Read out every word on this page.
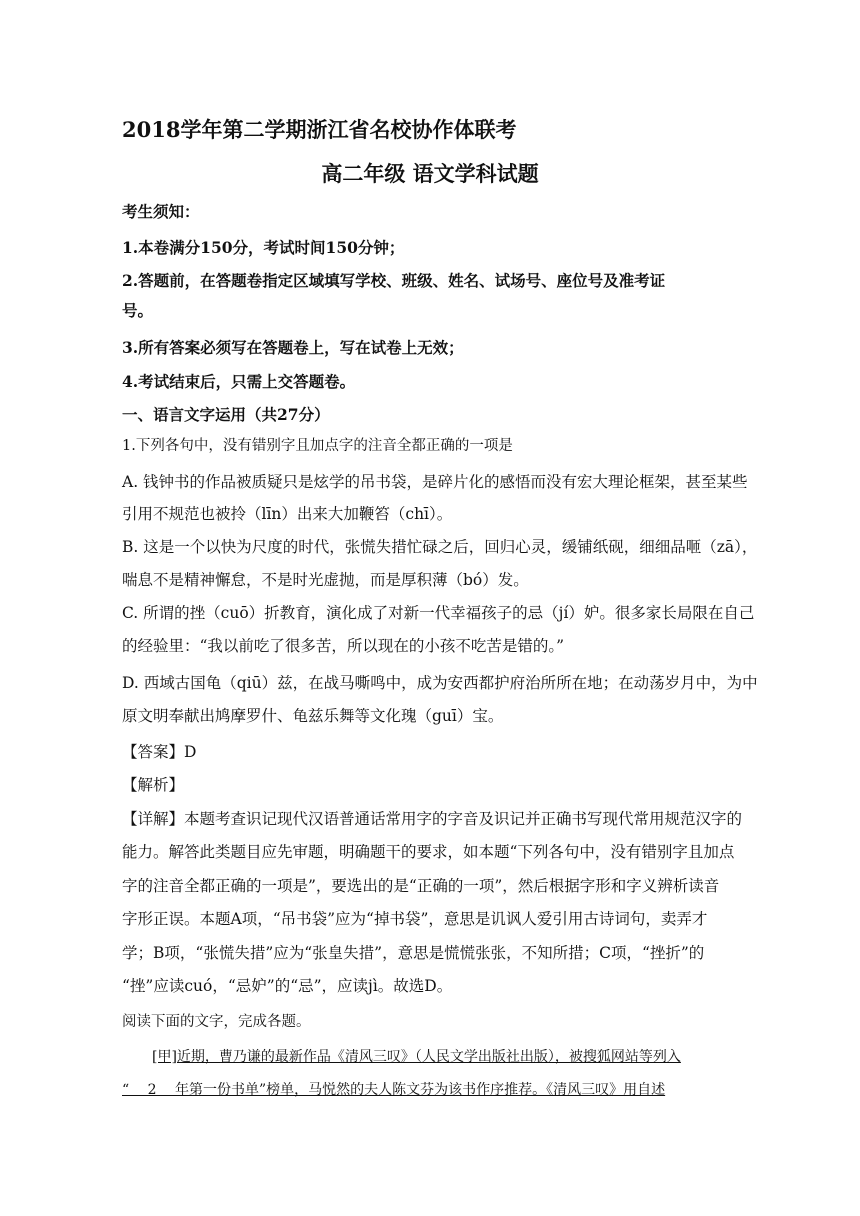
2018学年第二学期浙江省名校协作体联考
高二年级 语文学科试题
考生须知：
1.本卷满分150分，考试时间150分钟；
2.答题前，在答题卷指定区域填写学校、班级、姓名、试场号、座位号及准考证
号。
3.所有答案必须写在答题卷上，写在试卷上无效；
4.考试结束后，只需上交答题卷。
一、语言文字运用（共27分）
1.下列各句中，没有错别字且加点字的注音全都正确的一项是
A. 钱钟书的作品被质疑只是炫学的吊书袋，是碎片化的感悟而没有宏大理论框架，甚至某些
引用不规范也被拎（līn）出来大加鞭笞（chī）。
B. 这是一个以快为尺度的时代，张慌失措忙碌之后，回归心灵，缓铺纸砚，细细品咂（zā），
喘息不是精神懈怠，不是时光虚抛，而是厚积薄（bó）发。
C. 所谓的挫（cuō）折教育，演化成了对新一代幸福孩子的忌（jí）妒。很多家长局限在自己
的经验里：“我以前吃了很多苦，所以现在的小孩不吃苦是错的。”
D. 西域古国龟（qiū）兹，在战马嘶鸣中，成为安西都护府治所所在地；在动荡岁月中，为中
原文明奉献出鸠摩罗什、龟兹乐舞等文化瑰（guī）宝。
【答案】D
【解析】
【详解】本题考查识记现代汉语普通话常用字的字音及识记并正确书写现代常用规范汉字的
能力。解答此类题目应先审题，明确题干的要求，如本题“下列各句中，没有错别字且加点
字的注音全都正确的一项是”，要选出的是“正确的一项”，然后根据字形和字义辨析读音
字形正误。本题A项，“吊书袋”应为“掉书袋”，意思是讥讽人爱引用古诗词句，卖弄才
学；B项，“张慌失措”应为“张皇失措”，意思是慌慌张张，不知所措；C项，“挫折”的
“挫”应读cuó，“忌妒”的“忌”，应读jì。故选D。
阅读下面的文字，完成各题。
[甲]近期，曹乃谦的最新作品《清风三叹》（人民文学出版社出版），被搜狐网站等列入
“　 2　 年第一份书单”榜单，马悦然的夫人陈文芬为该书作序推荐。《清风三叹》用自述
